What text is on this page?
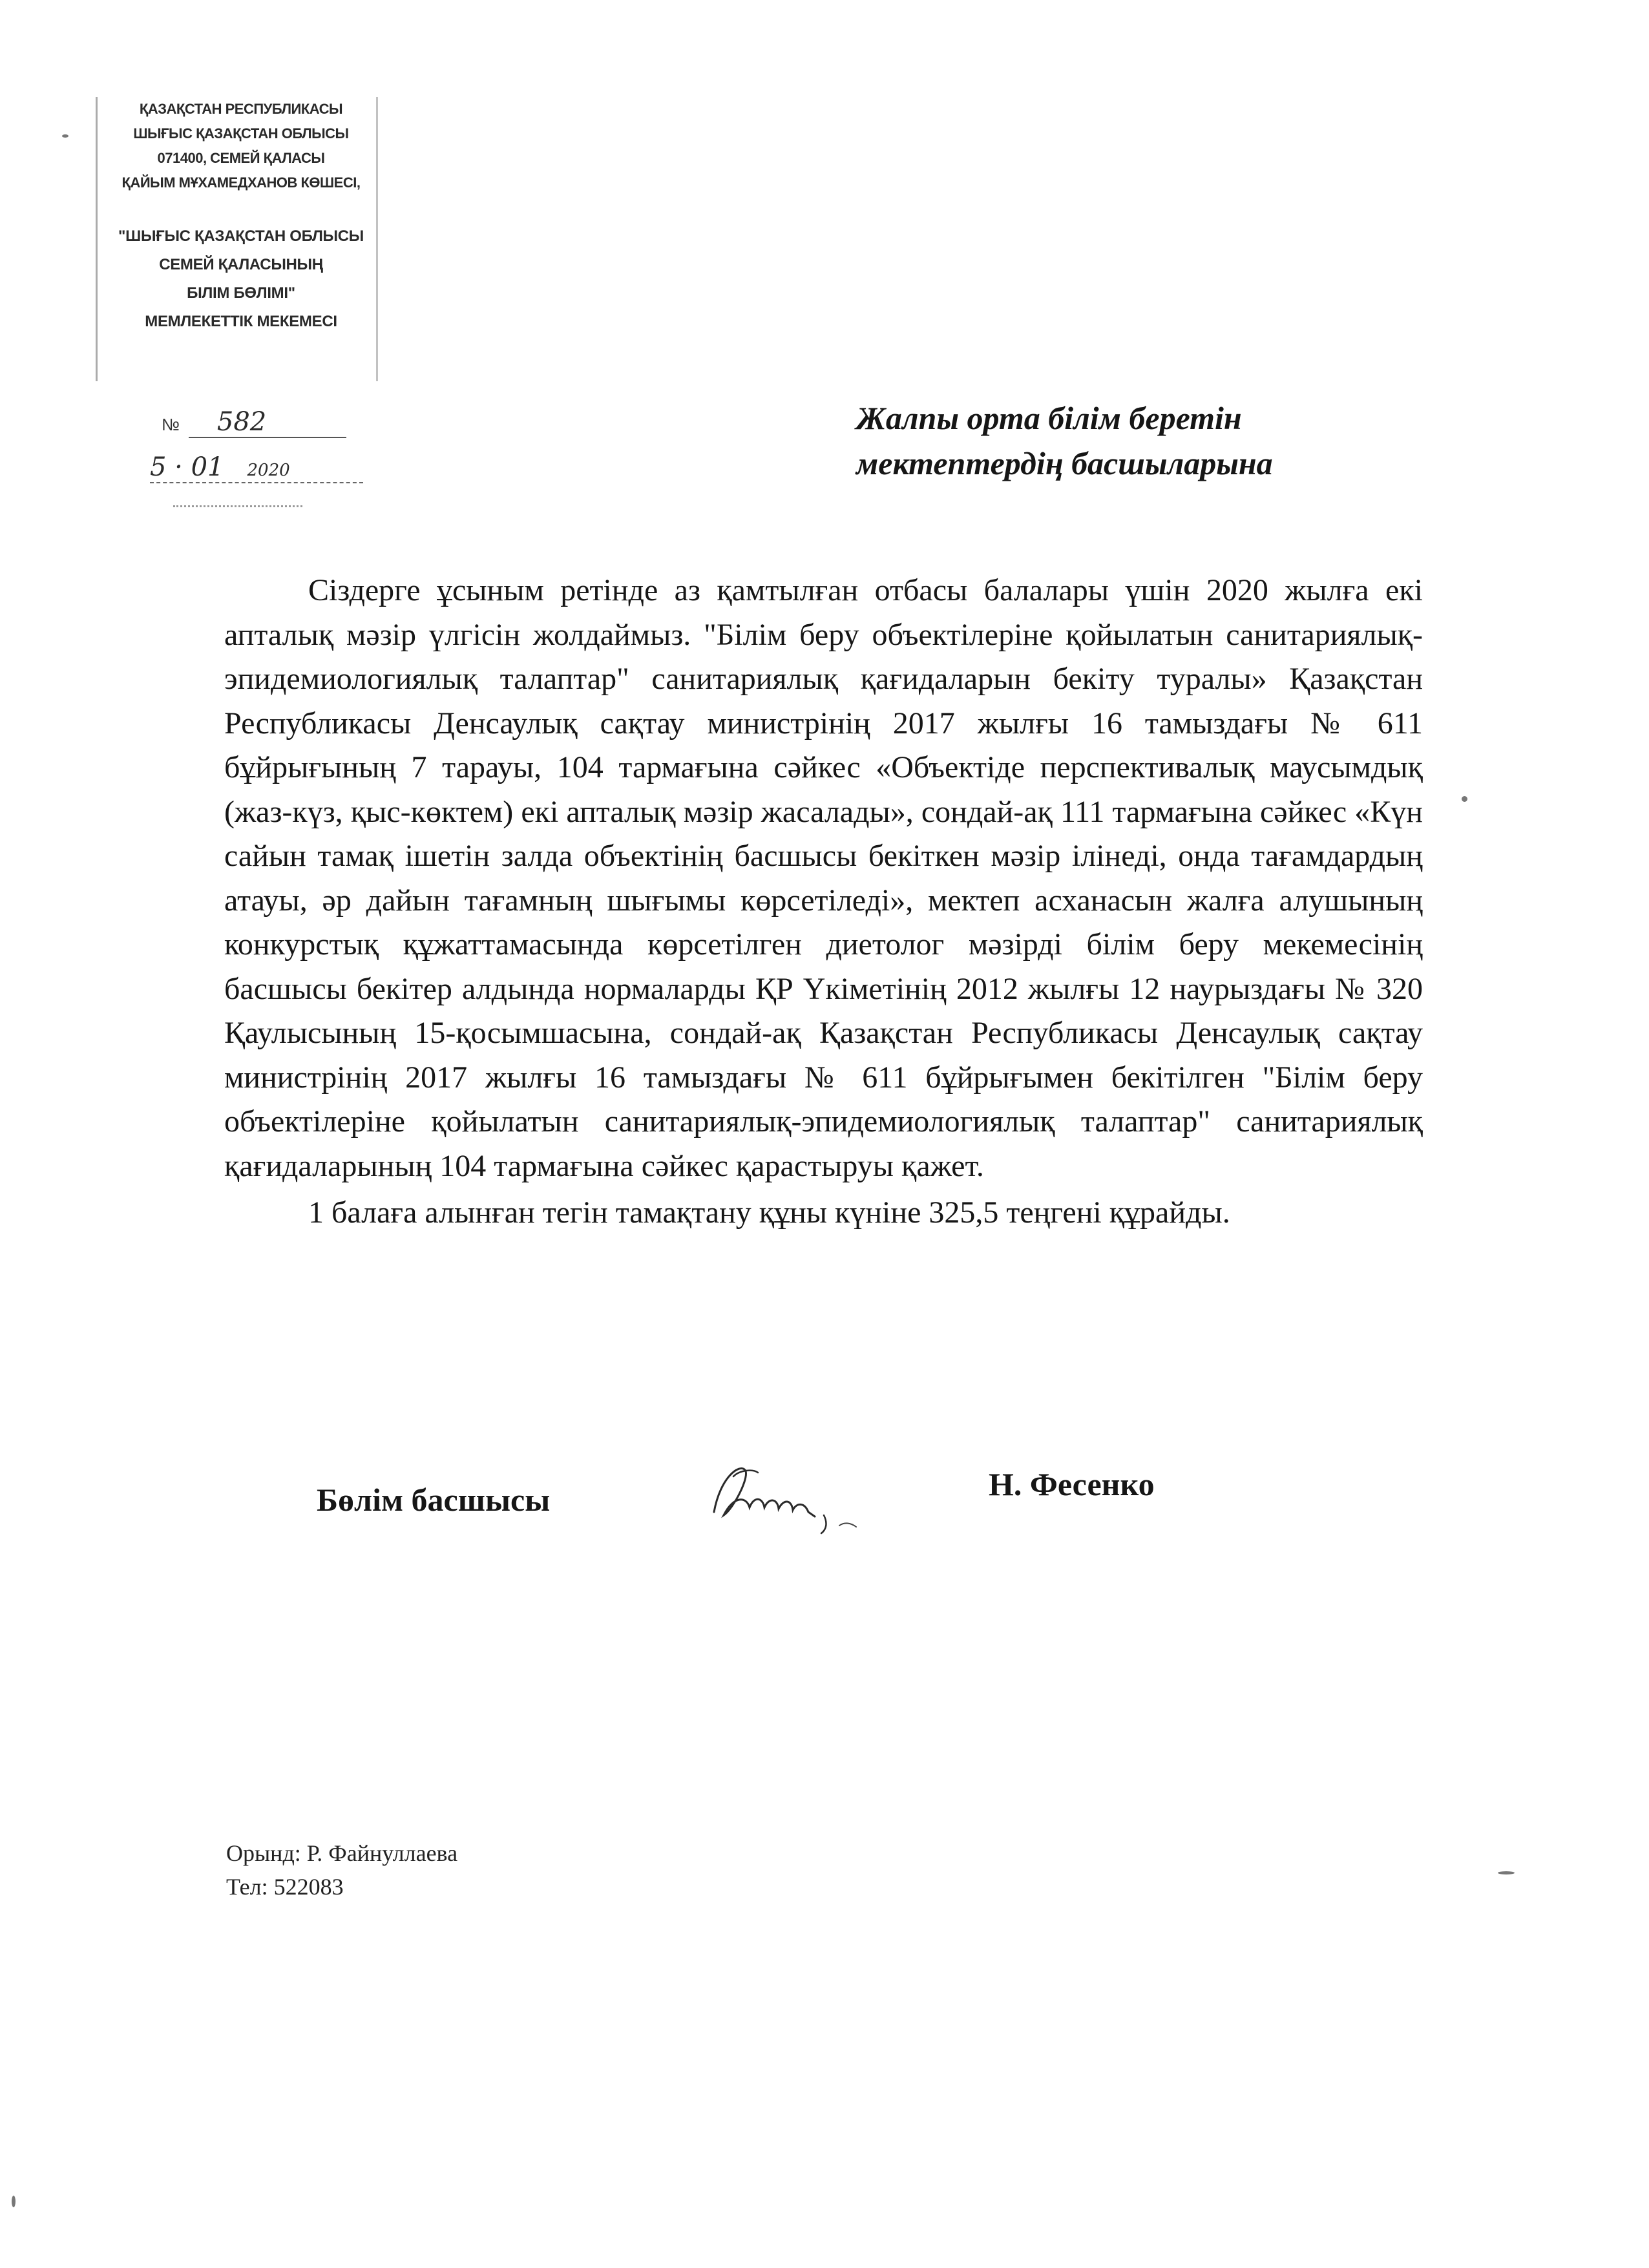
ҚАЗАҚСТАН РЕСПУБЛИКАСЫ
ШЫҒЫС ҚАЗАҚСТАН ОБЛЫСЫ
071400, СЕМЕЙ ҚАЛАСЫ
ҚАЙЫМ МҰХАМЕДХАНОВ КӨШЕСІ,
"ШЫҒЫС ҚАЗАҚСТАН ОБЛЫСЫ
СЕМЕЙ ҚАЛАСЫНЫҢ
БІЛІМ БӨЛІМІ"
МЕМЛЕКЕТТІК МЕКЕМЕСІ
№ 582
5 · 01 2020
Жалпы орта білім беретін
мектептердің басшыларына

Сіздерге ұсыным ретінде аз қамтылған отбасы балалары үшін 2020 жылға екі апталық мәзір үлгісін жолдаймыз. "Білім беру объектілеріне қойылатын санитариялық-эпидемиологиялық талаптар" санитариялық қағидаларын бекіту туралы» Қазақстан Республикасы Денсаулық сақтау министрінің 2017 жылғы 16 тамыздағы № 611 бұйрығының 7 тарауы, 104 тармағына сәйкес «Объектіде перспективалық маусымдық (жаз-күз, қыс-көктем) екі апталық мәзір жасалады», сондай-ақ 111 тармағына сәйкес «Күн сайын тамақ ішетін залда объектінің басшысы бекіткен мәзір ілінеді, онда тағамдардың атауы, әр дайын тағамның шығымы көрсетіледі», мектеп асханасын жалға алушының конкурстық құжаттамасында көрсетілген диетолог мәзірді білім беру мекемесінің басшысы бекітер алдында нормаларды ҚР Үкіметінің 2012 жылғы 12 наурыздағы № 320 Қаулысының 15-қосымшасына, сондай-ақ Қазақстан Республикасы Денсаулық сақтау министрінің 2017 жылғы 16 тамыздағы № 611 бұйрығымен бекітілген "Білім беру объектілеріне қойылатын санитариялық-эпидемиологиялық талаптар" санитариялық қағидаларының 104 тармағына сәйкес қарастыруы қажет.

1 балаға алынған тегін тамақтану құны күніне 325,5 теңгені құрайды.

Бөлім басшысы	Н. Фесенко
Орынд: Р. Файнуллаева
Тел: 522083
